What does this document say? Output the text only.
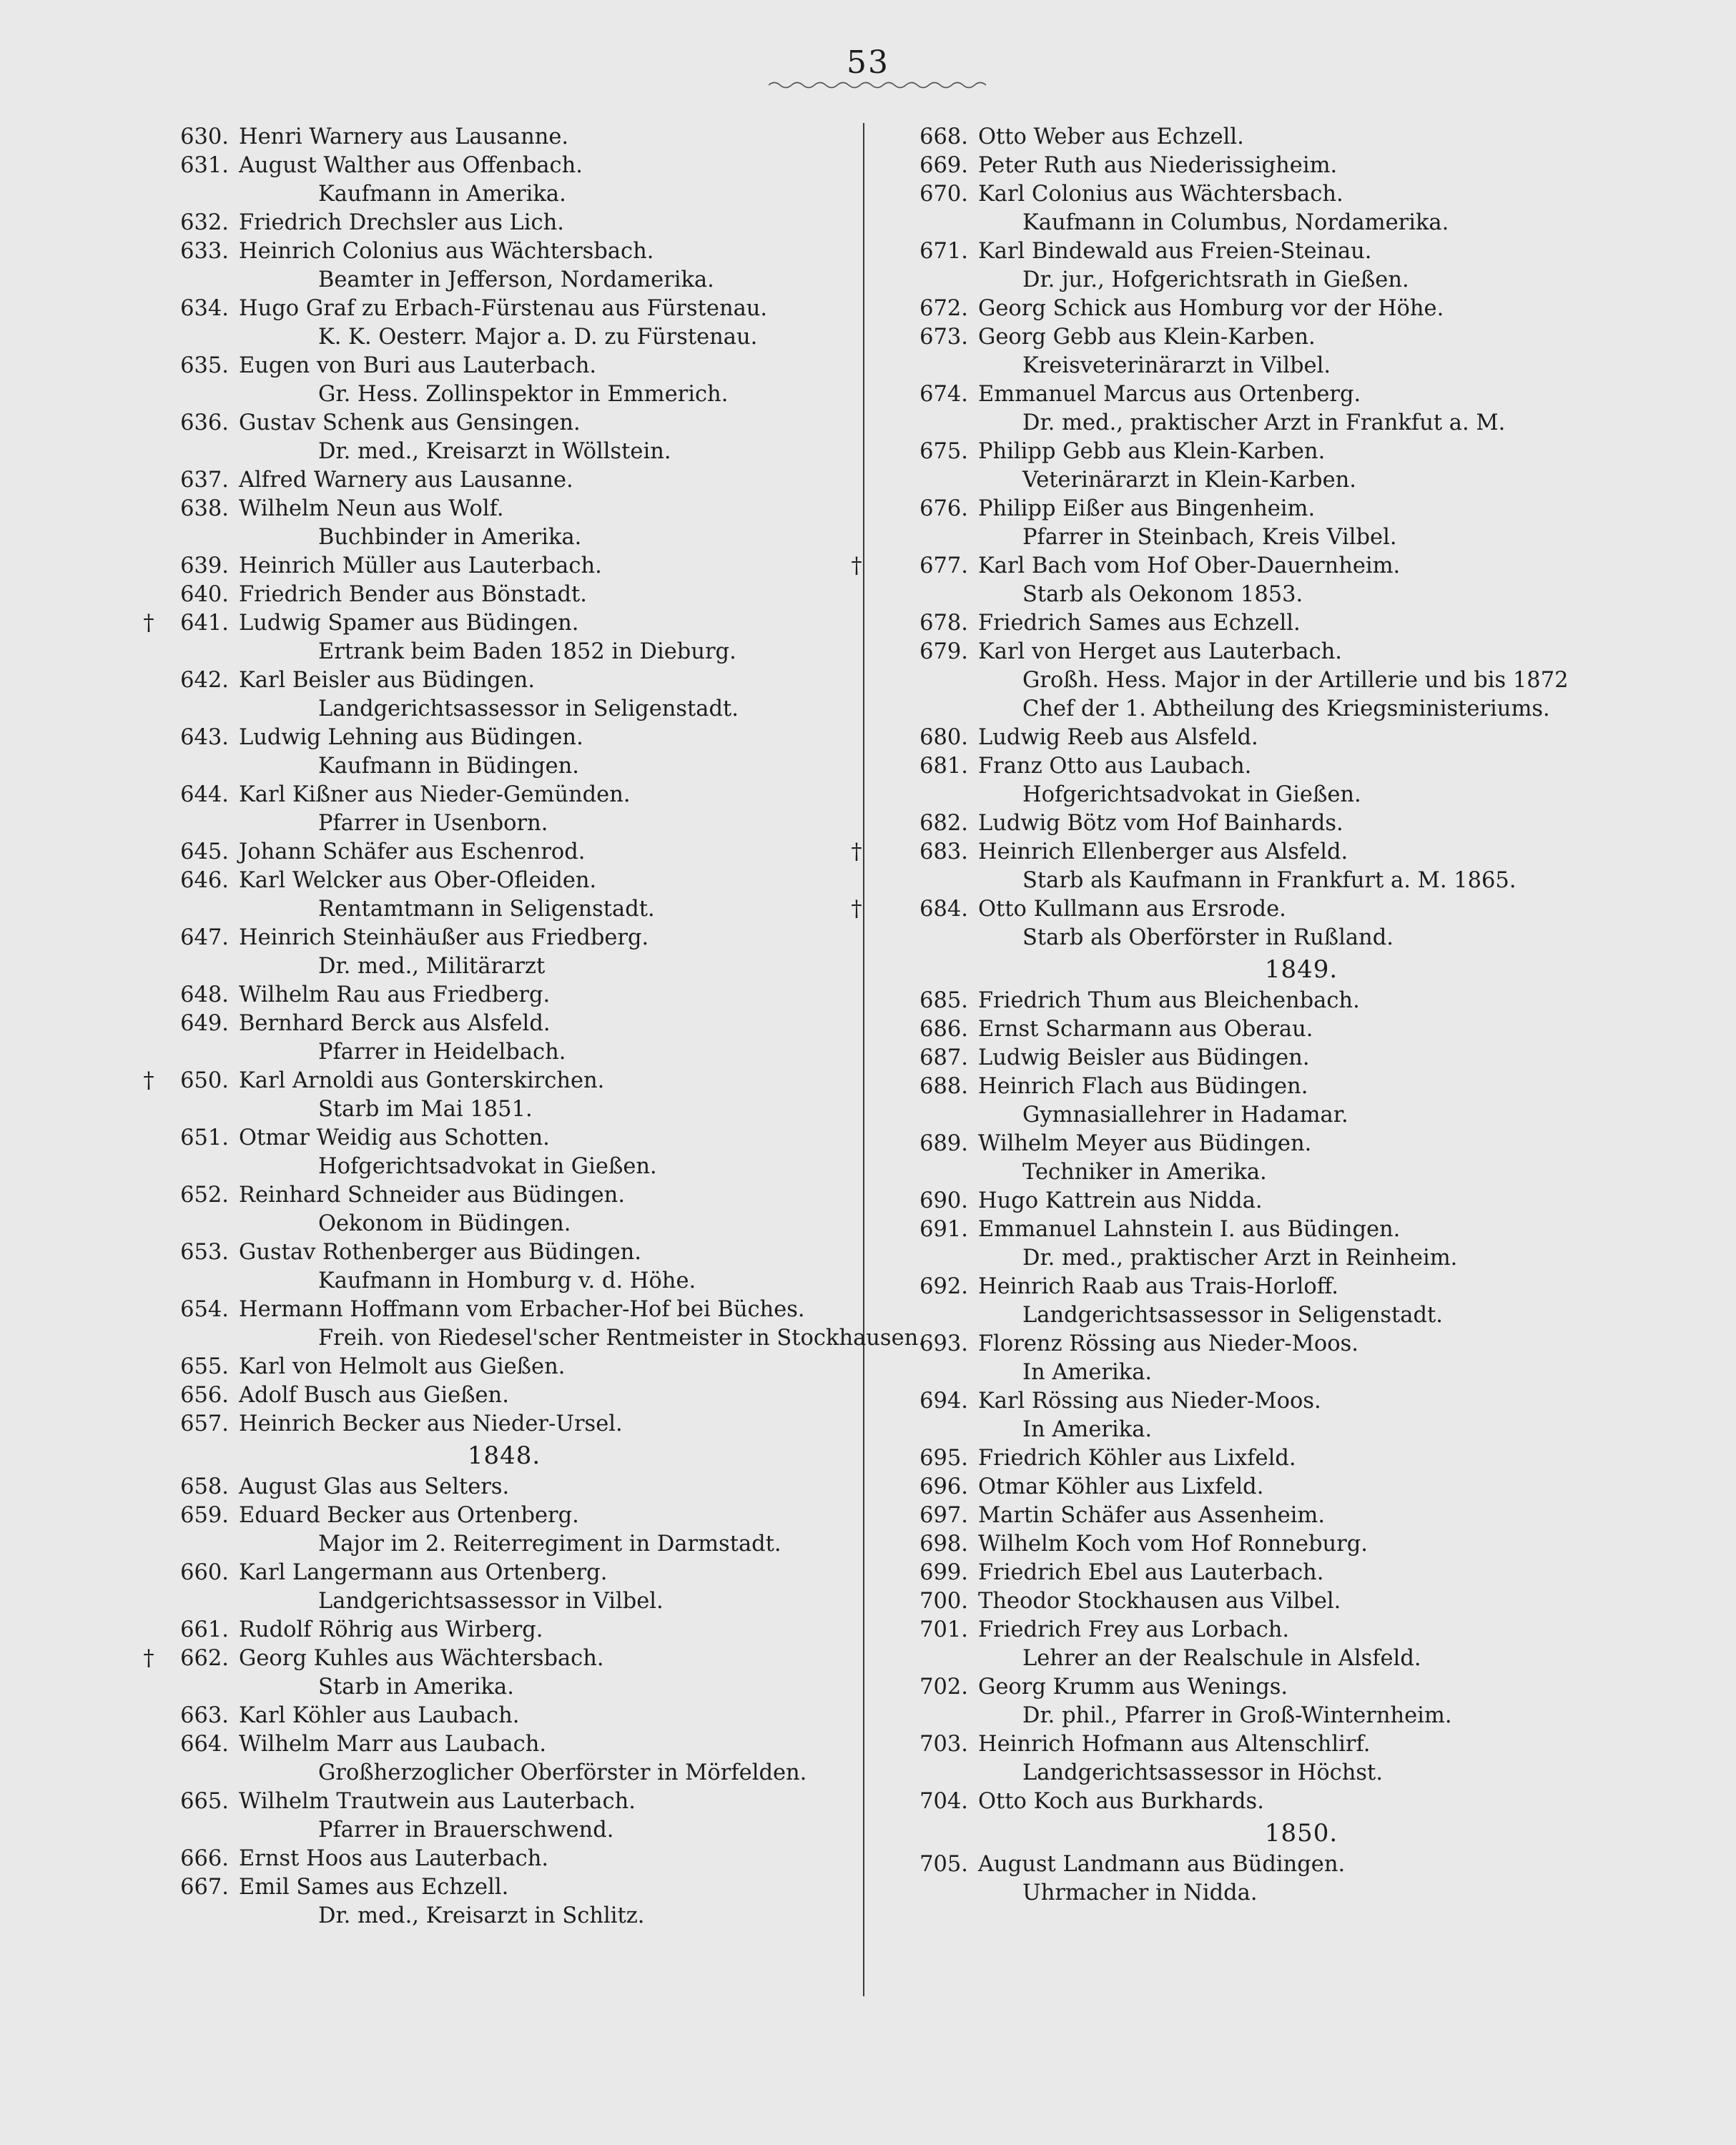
53
630. Henri Warnery aus Lausanne.
631. August Walther aus Offenbach.
Kaufmann in Amerika.
632. Friedrich Drechsler aus Lich.
633. Heinrich Colonius aus Wächtersbach.
Beamter in Jefferson, Nordamerika.
634. Hugo Graf zu Erbach-Fürstenau aus Fürstenau.
K. K. Oesterr. Major a. D. zu Fürstenau.
635. Eugen von Buri aus Lauterbach.
Gr. Hess. Zollinspektor in Emmerich.
636. Gustav Schenk aus Gensingen.
Dr. med., Kreisarzt in Wöllstein.
637. Alfred Warnery aus Lausanne.
638. Wilhelm Neun aus Wolf.
Buchbinder in Amerika.
639. Heinrich Müller aus Lauterbach.
640. Friedrich Bender aus Bönstadt.
†	641. Ludwig Spamer aus Büdingen.
Ertrank beim Baden 1852 in Dieburg.
642. Karl Beisler aus Büdingen.
Landgerichtsassessor in Seligenstadt.
643. Ludwig Lehning aus Büdingen.
Kaufmann in Büdingen.
644. Karl Kißner aus Nieder-Gemünden.
Pfarrer in Usenborn.
645. Johann Schäfer aus Eschenrod.
646. Karl Welcker aus Ober-Ofleiden.
Rentamtmann in Seligenstadt.
647. Heinrich Steinhäußer aus Friedberg.
Dr. med., Militärarzt
648. Wilhelm Rau aus Friedberg.
649. Bernhard Berck aus Alsfeld.
Pfarrer in Heidelbach.
†	650. Karl Arnoldi aus Gonterskirchen.
Starb im Mai 1851.
651. Otmar Weidig aus Schotten.
Hofgerichtsadvokat in Gießen.
652. Reinhard Schneider aus Büdingen.
Oekonom in Büdingen.
653. Gustav Rothenberger aus Büdingen.
Kaufmann in Homburg v. d. Höhe.
654. Hermann Hoffmann vom Erbacher-Hof bei Büches.
Freih. von Riedesel'scher Rentmeister in Stockhausen.
655. Karl von Helmolt aus Gießen.
656. Adolf Busch aus Gießen.
657. Heinrich Becker aus Nieder-Ursel.
1848.
658. August Glas aus Selters.
659. Eduard Becker aus Ortenberg.
Major im 2. Reiterregiment in Darmstadt.
660. Karl Langermann aus Ortenberg.
Landgerichtsassessor in Vilbel.
661. Rudolf Röhrig aus Wirberg.
†	662. Georg Kuhles aus Wächtersbach.
Starb in Amerika.
663. Karl Köhler aus Laubach.
664. Wilhelm Marr aus Laubach.
Großherzoglicher Oberförster in Mörfelden.
665. Wilhelm Trautwein aus Lauterbach.
Pfarrer in Brauerschwend.
666. Ernst Hoos aus Lauterbach.
667. Emil Sames aus Echzell.
Dr. med., Kreisarzt in Schlitz.
668. Otto Weber aus Echzell.
669. Peter Ruth aus Niederissigheim.
670. Karl Colonius aus Wächtersbach.
Kaufmann in Columbus, Nordamerika.
671. Karl Bindewald aus Freien-Steinau.
Dr. jur., Hofgerichtsrath in Gießen.
672. Georg Schick aus Homburg vor der Höhe.
673. Georg Gebb aus Klein-Karben.
Kreisveterinärarzt in Vilbel.
674. Emmanuel Marcus aus Ortenberg.
Dr. med., praktischer Arzt in Frankfut a. M.
675. Philipp Gebb aus Klein-Karben.
Veterinärarzt in Klein-Karben.
676. Philipp Eißer aus Bingenheim.
Pfarrer in Steinbach, Kreis Vilbel.
†	677. Karl Bach vom Hof Ober-Dauernheim.
Starb als Oekonom 1853.
678. Friedrich Sames aus Echzell.
679. Karl von Herget aus Lauterbach.
Großh. Hess. Major in der Artillerie und bis 1872
Chef der 1. Abtheilung des Kriegsministeriums.
680. Ludwig Reeb aus Alsfeld.
681. Franz Otto aus Laubach.
Hofgerichtsadvokat in Gießen.
682. Ludwig Bötz vom Hof Bainhards.
†	683. Heinrich Ellenberger aus Alsfeld.
Starb als Kaufmann in Frankfurt a. M. 1865.
†	684. Otto Kullmann aus Ersrode.
Starb als Oberförster in Rußland.
1849.
685. Friedrich Thum aus Bleichenbach.
686. Ernst Scharmann aus Oberau.
687. Ludwig Beisler aus Büdingen.
688. Heinrich Flach aus Büdingen.
Gymnasiallehrer in Hadamar.
689. Wilhelm Meyer aus Büdingen.
Techniker in Amerika.
690. Hugo Kattrein aus Nidda.
691. Emmanuel Lahnstein I. aus Büdingen.
Dr. med., praktischer Arzt in Reinheim.
692. Heinrich Raab aus Trais-Horloff.
Landgerichtsassessor in Seligenstadt.
693. Florenz Rössing aus Nieder-Moos.
In Amerika.
694. Karl Rössing aus Nieder-Moos.
In Amerika.
695. Friedrich Köhler aus Lixfeld.
696. Otmar Köhler aus Lixfeld.
697. Martin Schäfer aus Assenheim.
698. Wilhelm Koch vom Hof Ronneburg.
699. Friedrich Ebel aus Lauterbach.
700. Theodor Stockhausen aus Vilbel.
701. Friedrich Frey aus Lorbach.
Lehrer an der Realschule in Alsfeld.
702. Georg Krumm aus Wenings.
Dr. phil., Pfarrer in Groß-Winternheim.
703. Heinrich Hofmann aus Altenschlirf.
Landgerichtsassessor in Höchst.
704. Otto Koch aus Burkhards.
1850.
705. August Landmann aus Büdingen.
Uhrmacher in Nidda.
